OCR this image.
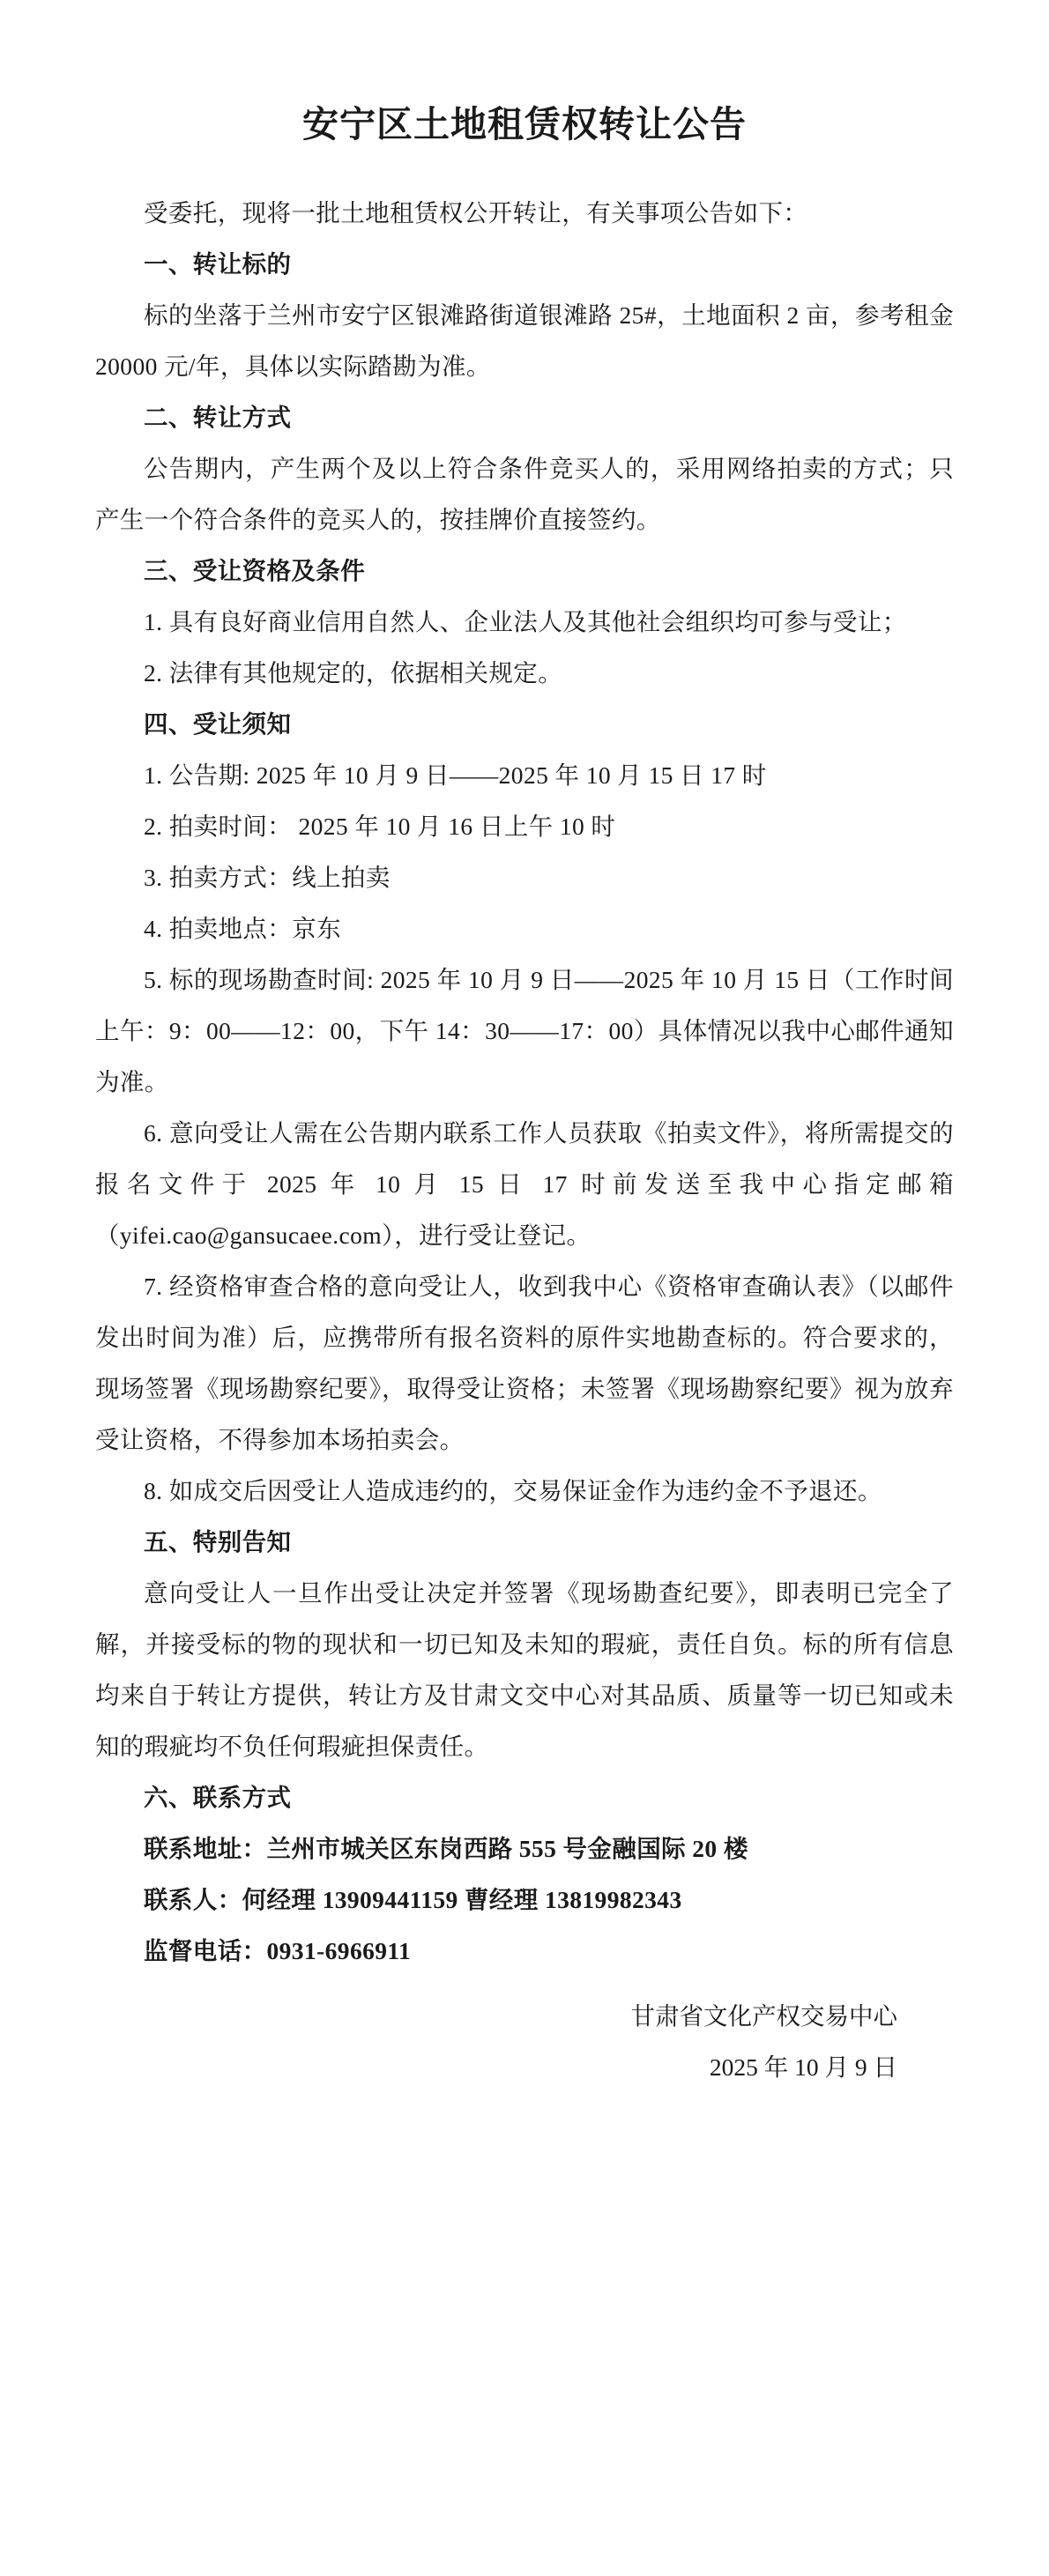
安宁区土地租赁权转让公告

受委托，现将一批土地租赁权公开转让，有关事项公告如下：

一、转让标的

标的坐落于兰州市安宁区银滩路街道银滩路 25#，土地面积 2 亩，参考租金 20000 元/年，具体以实际踏勘为准。

二、转让方式

公告期内，产生两个及以上符合条件竞买人的，采用网络拍卖的方式；只产生一个符合条件的竞买人的，按挂牌价直接签约。

三、受让资格及条件

1. 具有良好商业信用自然人、企业法人及其他社会组织均可参与受让；

2. 法律有其他规定的，依据相关规定。

四、受让须知

1. 公告期: 2025 年 10 月 9 日——2025 年 10 月 15 日 17 时

2. 拍卖时间： 2025 年 10 月 16 日上午 10 时

3. 拍卖方式：线上拍卖

4. 拍卖地点：京东

5. 标的现场勘查时间: 2025 年 10 月 9 日——2025 年 10 月 15 日（工作时间上午：9：00——12：00，下午 14：30——17：00）具体情况以我中心邮件通知为准。

6. 意向受让人需在公告期内联系工作人员获取《拍卖文件》，将所需提交的报名文件于 2025 年 10 月 15 日 17 时前发送至我中心指定邮箱（yifei.cao@gansucaee.com），进行受让登记。

7. 经资格审查合格的意向受让人，收到我中心《资格审查确认表》（以邮件发出时间为准）后，应携带所有报名资料的原件实地勘查标的。符合要求的，现场签署《现场勘察纪要》，取得受让资格；未签署《现场勘察纪要》视为放弃受让资格，不得参加本场拍卖会。

8. 如成交后因受让人造成违约的，交易保证金作为违约金不予退还。

五、特别告知

意向受让人一旦作出受让决定并签署《现场勘查纪要》，即表明已完全了解，并接受标的物的现状和一切已知及未知的瑕疵，责任自负。标的所有信息均来自于转让方提供，转让方及甘肃文交中心对其品质、质量等一切已知或未知的瑕疵均不负任何瑕疵担保责任。

六、联系方式

联系地址：兰州市城关区东岗西路 555 号金融国际 20 楼

联系人：何经理 13909441159 曹经理 13819982343

监督电话：0931-6966911

甘肃省文化产权交易中心

2025 年 10 月 9 日
